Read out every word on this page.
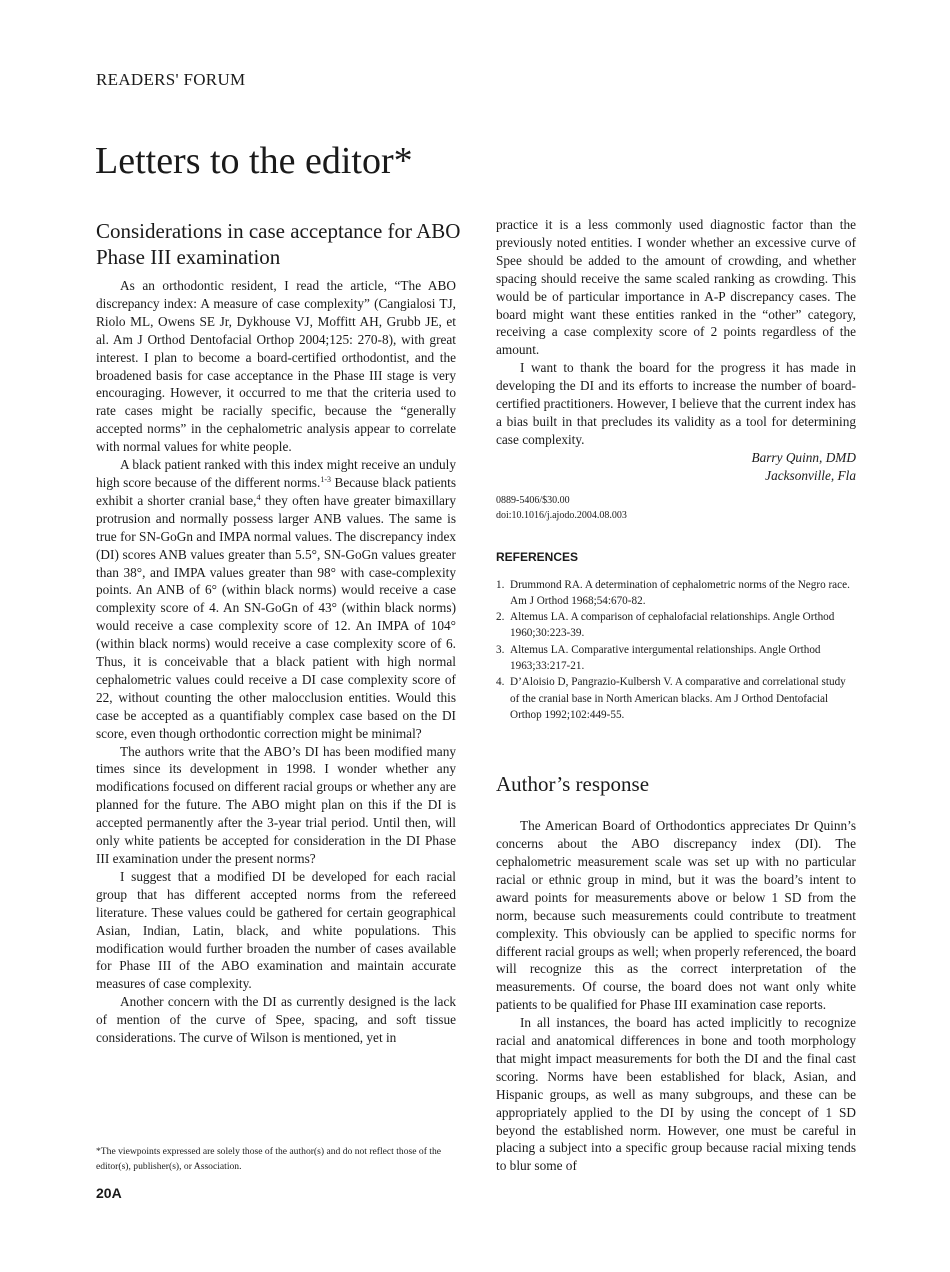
READERS' FORUM
Letters to the editor*
Considerations in case acceptance for ABO Phase III examination

As an orthodontic resident, I read the article, “The ABO discrepancy index: A measure of case complexity” (Cangialosi TJ, Riolo ML, Owens SE Jr, Dykhouse VJ, Moffitt AH, Grubb JE, et al. Am J Orthod Dentofacial Orthop 2004;125: 270-8), with great interest. I plan to become a board-certified orthodontist, and the broadened basis for case acceptance in the Phase III stage is very encouraging. However, it occurred to me that the criteria used to rate cases might be racially specific, because the “generally accepted norms” in the cephalometric analysis appear to correlate with normal values for white people.

A black patient ranked with this index might receive an unduly high score because of the different norms.$^{1-3}$ Because black patients exhibit a shorter cranial base,$^4$ they often have greater bimaxillary protrusion and normally possess larger ANB values. The same is true for SN-GoGn and IMPA normal values. The discrepancy index (DI) scores ANB values greater than 5.5°, SN-GoGn values greater than 38°, and IMPA values greater than 98° with case-complexity points. An ANB of 6° (within black norms) would receive a case complexity score of 4. An SN-GoGn of 43° (within black norms) would receive a case complexity score of 12. An IMPA of 104° (within black norms) would receive a case complexity score of 6. Thus, it is conceivable that a black patient with high normal cephalometric values could receive a DI case complexity score of 22, without counting the other malocclusion entities. Would this case be accepted as a quantifiably complex case based on the DI score, even though orthodontic correction might be minimal?

The authors write that the ABO’s DI has been modified many times since its development in 1998. I wonder whether any modifications focused on different racial groups or whether any are planned for the future. The ABO might plan on this if the DI is accepted permanently after the 3-year trial period. Until then, will only white patients be accepted for consideration in the DI Phase III examination under the present norms?

I suggest that a modified DI be developed for each racial group that has different accepted norms from the refereed literature. These values could be gathered for certain geographical Asian, Indian, Latin, black, and white populations. This modification would further broaden the number of cases available for Phase III of the ABO examination and maintain accurate measures of case complexity.

Another concern with the DI as currently designed is the lack of mention of the curve of Spee, spacing, and soft tissue considerations. The curve of Wilson is mentioned, yet in

practice it is a less commonly used diagnostic factor than the previously noted entities. I wonder whether an excessive curve of Spee should be added to the amount of crowding, and whether spacing should receive the same scaled ranking as crowding. This would be of particular importance in A-P discrepancy cases. The board might want these entities ranked in the “other” category, receiving a case complexity score of 2 points regardless of the amount.

I want to thank the board for the progress it has made in developing the DI and its efforts to increase the number of board-certified practitioners. However, I believe that the current index has a bias built in that precludes its validity as a tool for determining case complexity.

Barry Quinn, DMD
Jacksonville, Fla
0889-5406/$30.00
doi:10.1016/j.ajodo.2004.08.003
REFERENCES
1. Drummond RA. A determination of cephalometric norms of the Negro race. Am J Orthod 1968;54:670-82.
2. Altemus LA. A comparison of cephalofacial relationships. Angle Orthod 1960;30:223-39.
3. Altemus LA. Comparative intergumental relationships. Angle Orthod 1963;33:217-21.
4. D’Aloisio D, Pangrazio-Kulbersh V. A comparative and correlational study of the cranial base in North American blacks. Am J Orthod Dentofacial Orthop 1992;102:449-55.
Author’s response

The American Board of Orthodontics appreciates Dr Quinn’s concerns about the ABO discrepancy index (DI). The cephalometric measurement scale was set up with no particular racial or ethnic group in mind, but it was the board’s intent to award points for measurements above or below 1 SD from the norm, because such measurements could contribute to treatment complexity. This obviously can be applied to specific norms for different racial groups as well; when properly referenced, the board will recognize this as the correct interpretation of the measurements. Of course, the board does not want only white patients to be qualified for Phase III examination case reports.

In all instances, the board has acted implicitly to recognize racial and anatomical differences in bone and tooth morphology that might impact measurements for both the DI and the final cast scoring. Norms have been established for black, Asian, and Hispanic groups, as well as many subgroups, and these can be appropriately applied to the DI by using the concept of 1 SD beyond the established norm. However, one must be careful in placing a subject into a specific group because racial mixing tends to blur some of

*The viewpoints expressed are solely those of the author(s) and do not reflect those of the editor(s), publisher(s), or Association.
20A
